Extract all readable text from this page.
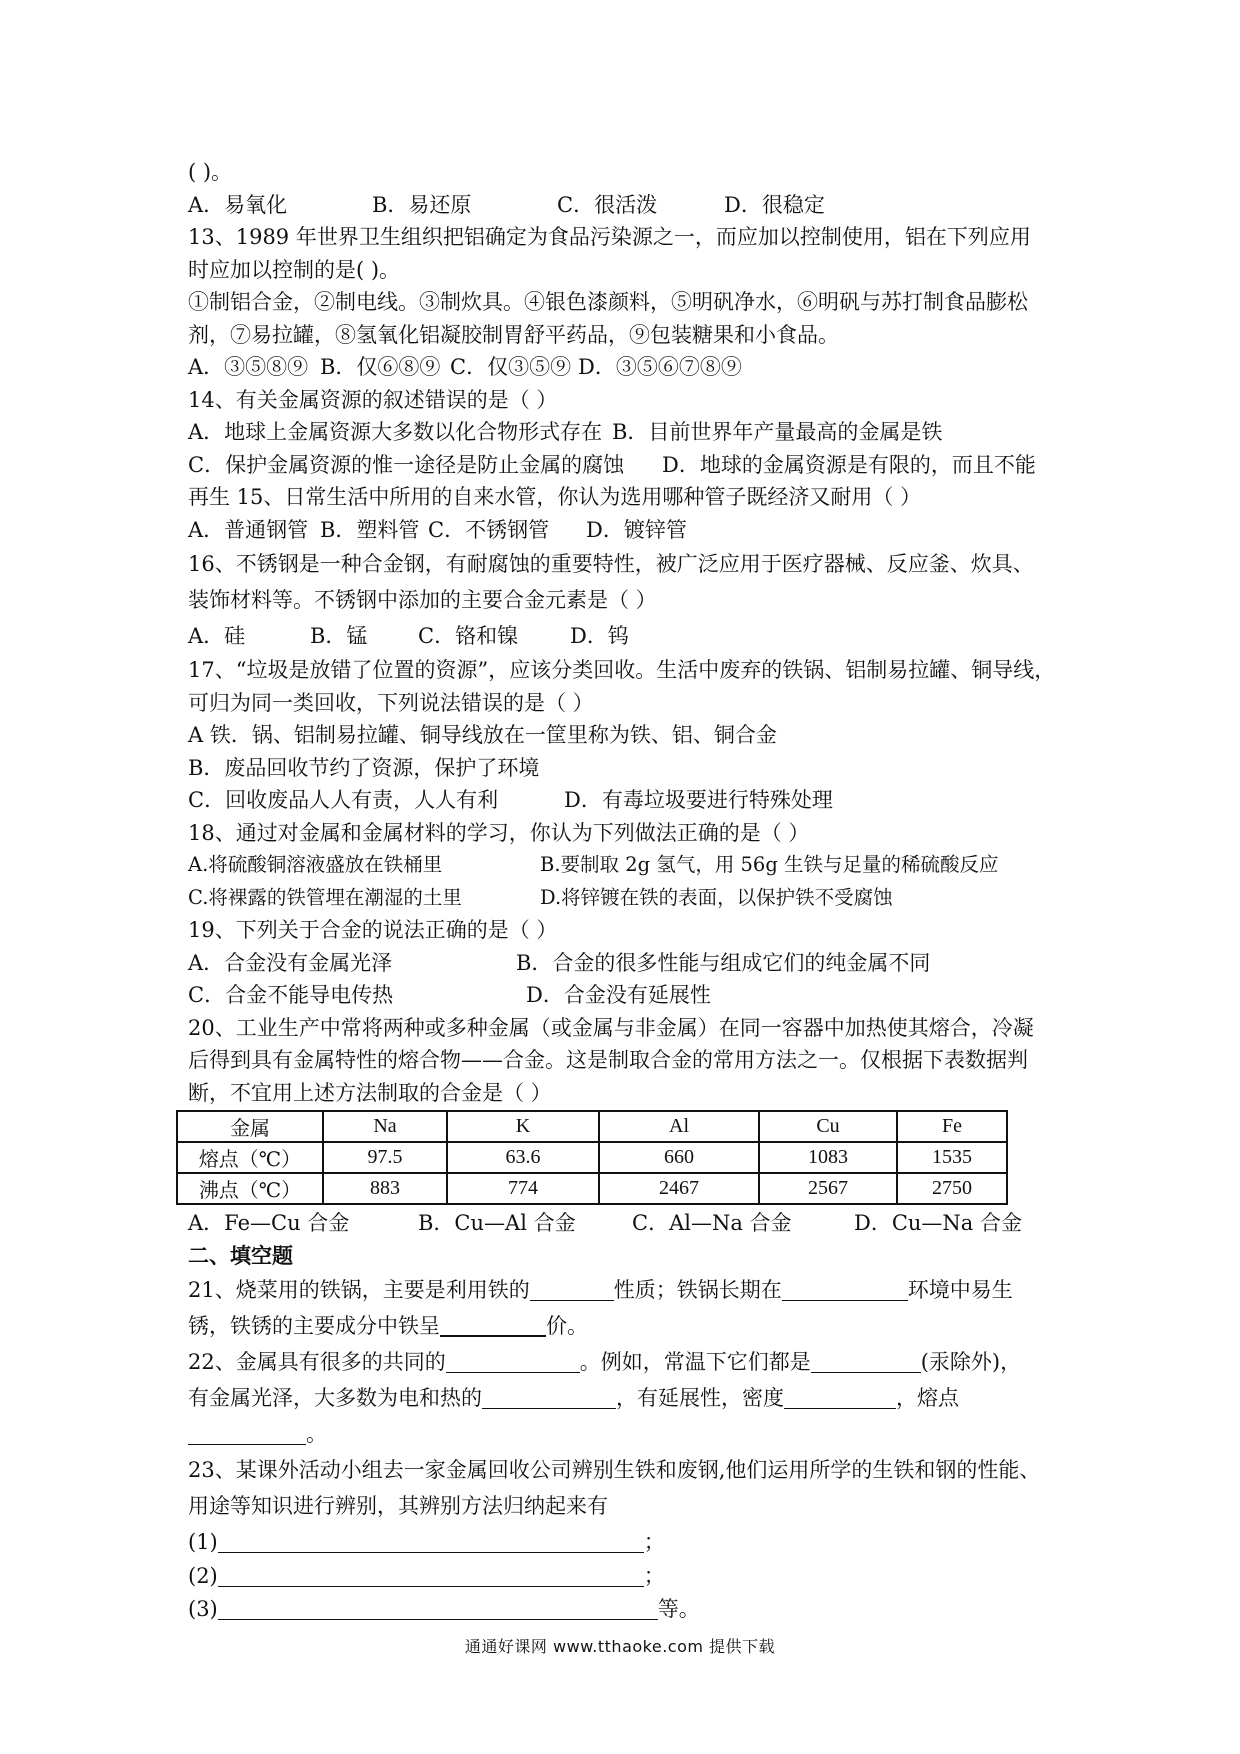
( )。
A．易氧化	B．易还原	C．很活泼	D．很稳定
13、1989 年世界卫生组织把铝确定为食品污染源之一，而应加以控制使用，铝在下列应用
时应加以控制的是( )。
①制铝合金，②制电线。③制炊具。④银色漆颜料，⑤明矾净水，⑥明矾与苏打制食品膨松
剂，⑦易拉罐，⑧氢氧化铝凝胶制胃舒平药品，⑨包装糖果和小食品。
A．③⑤⑧⑨ B．仅⑥⑧⑨ C．仅③⑤⑨ D．③⑤⑥⑦⑧⑨
14、有关金属资源的叙述错误的是（ ）
A．地球上金属资源大多数以化合物形式存在 B．目前世界年产量最高的金属是铁
C．保护金属资源的惟一途径是防止金属的腐蚀 D．地球的金属资源是有限的，而且不能
再生 15、日常生活中所用的自来水管，你认为选用哪种管子既经济又耐用（ ）
A．普通钢管 B．塑料管 C．不锈钢管 D．镀锌管
16、不锈钢是一种合金钢，有耐腐蚀的重要特性，被广泛应用于医疗器械、反应釜、炊具、
装饰材料等。不锈钢中添加的主要合金元素是（ ）
A．硅	B．锰 C．铬和镍 D．钨
17、“垃圾是放错了位置的资源”，应该分类回收。生活中废弃的铁锅、铝制易拉罐、铜导线，
可归为同一类回收，下列说法错误的是（ ）
A 铁．锅、铝制易拉罐、铜导线放在一筐里称为铁、铝、铜合金
B．废品回收节约了资源，保护了环境
C．回收废品人人有责，人人有利	D．有毒垃圾要进行特殊处理
18、通过对金属和金属材料的学习，你认为下列做法正确的是（ ）
A.将硫酸铜溶液盛放在铁桶里	B.要制取 2g 氢气，用 56g 生铁与足量的稀硫酸反应
C.将裸露的铁管埋在潮湿的土里	D.将锌镀在铁的表面，以保护铁不受腐蚀
19、下列关于合金的说法正确的是（ ）
A．合金没有金属光泽	B．合金的很多性能与组成它们的纯金属不同
C．合金不能导电传热	D．合金没有延展性
20、工业生产中常将两种或多种金属（或金属与非金属）在同一容器中加热使其熔合，冷凝
后得到具有金属特性的熔合物——合金。这是制取合金的常用方法之一。仅根据下表数据判
断，不宜用上述方法制取的合金是（ ）
金属	Na	K	Al	Cu	Fe
熔点（℃）	97.5	63.6	660	1083	1535
沸点（℃）	883	774	2467	2567	2750
A．Fe—Cu 合金	B．Cu—Al 合金	C．Al—Na 合金	D．Cu—Na 合金
二、填空题
21、烧菜用的铁锅，主要是利用铁的	性质；铁锅长期在	环境中易生
锈，铁锈的主要成分中铁呈	价。
22、金属具有很多的共同的	。例如，常温下它们都是	(汞除外)，
有金属光泽，大多数为电和热的	，有延展性，密度	，熔点
。
23、某课外活动小组去一家金属回收公司辨别生铁和废钢,他们运用所学的生铁和钢的性能、
用途等知识进行辨别，其辨别方法归纳起来有
(1)	；
(2)	；
(3)	等。
通通好课网 www.tthaoke.com 提供下载
